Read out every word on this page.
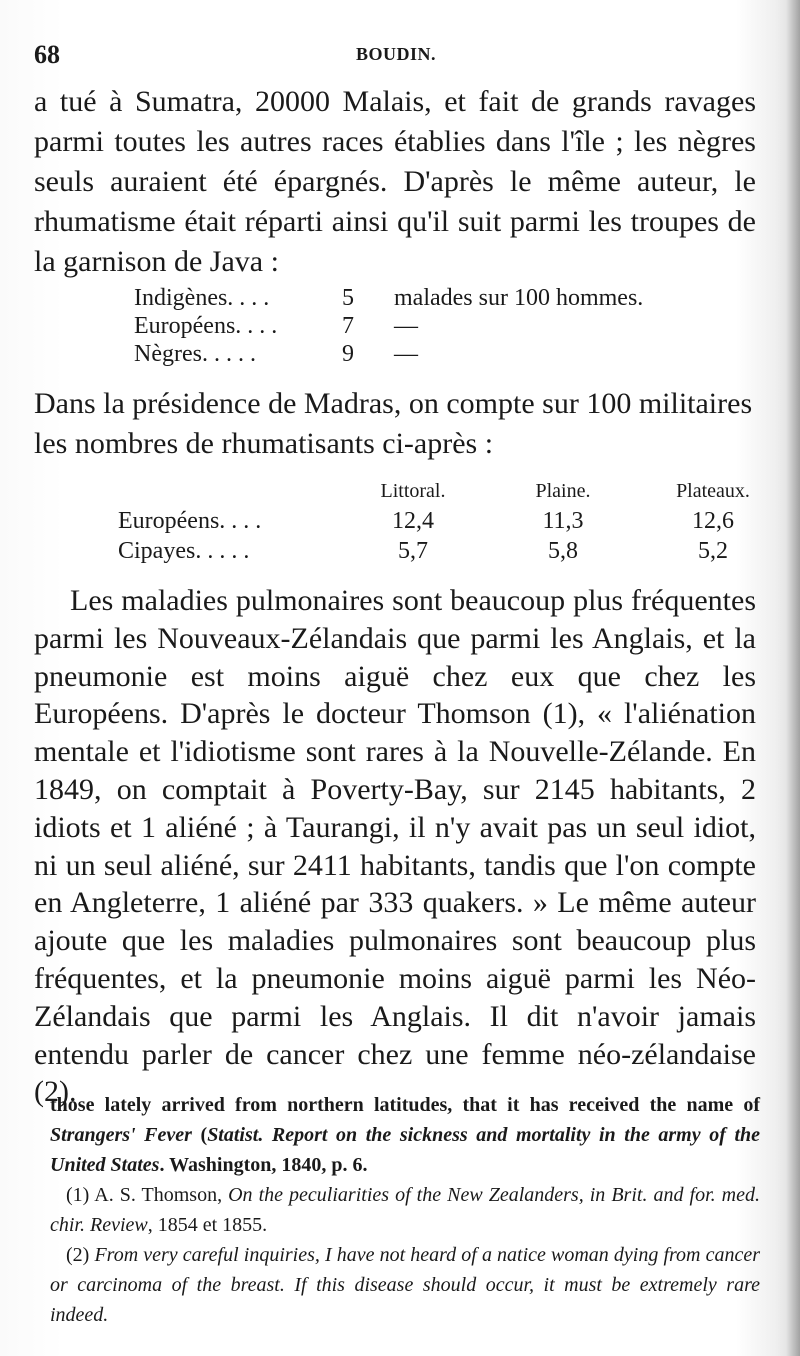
68	BOUDIN.

a tué à Sumatra, 20000 Malais, et fait de grands ravages parmi toutes les autres races établies dans l'île ; les nègres seuls auraient été épargnés. D'après le même auteur, le rhumatisme était réparti ainsi qu'il suit parmi les troupes de la garnison de Java :

Indigènes. . . .	5	malades sur 100 hommes.
Européens. . . .	7	—
Nègres. . . . .	9	—

Dans la présidence de Madras, on compte sur 100 militaires les nombres de rhumatisants ci-après :

	Littoral.	Plaine.	Plateaux.
Européens. . . .	12,4	11,3	12,6
Cipayes. . . . .	5,7	5,8	5,2

Les maladies pulmonaires sont beaucoup plus fréquentes parmi les Nouveaux-Zélandais que parmi les Anglais, et la pneumonie est moins aiguë chez eux que chez les Européens. D'après le docteur Thomson (1), « l'aliénation mentale et l'idiotisme sont rares à la Nouvelle-Zélande. En 1849, on comptait à Poverty-Bay, sur 2145 habitants, 2 idiots et 1 aliéné ; à Taurangi, il n'y avait pas un seul idiot, ni un seul aliéné, sur 2411 habitants, tandis que l'on compte en Angleterre, 1 aliéné par 333 quakers. » Le même auteur ajoute que les maladies pulmonaires sont beaucoup plus fréquentes, et la pneumonie moins aiguë parmi les Néo-Zélandais que parmi les Anglais. Il dit n'avoir jamais entendu parler de cancer chez une femme néo-zélandaise (2).

those lately arrived from northern latitudes, that it has received the name of Strangers' Fever (Statist. Report on the sickness and mortality in the army of the United States. Washington, 1840, p. 6.

(1) A. S. Thomson, On the peculiarities of the New Zealanders, in Brit. and for. med. chir. Review, 1854 et 1855.

(2) From very careful inquiries, I have not heard of a natice woman dying from cancer or carcinoma of the breast. If this disease should occur, it must be extremely rare indeed.
